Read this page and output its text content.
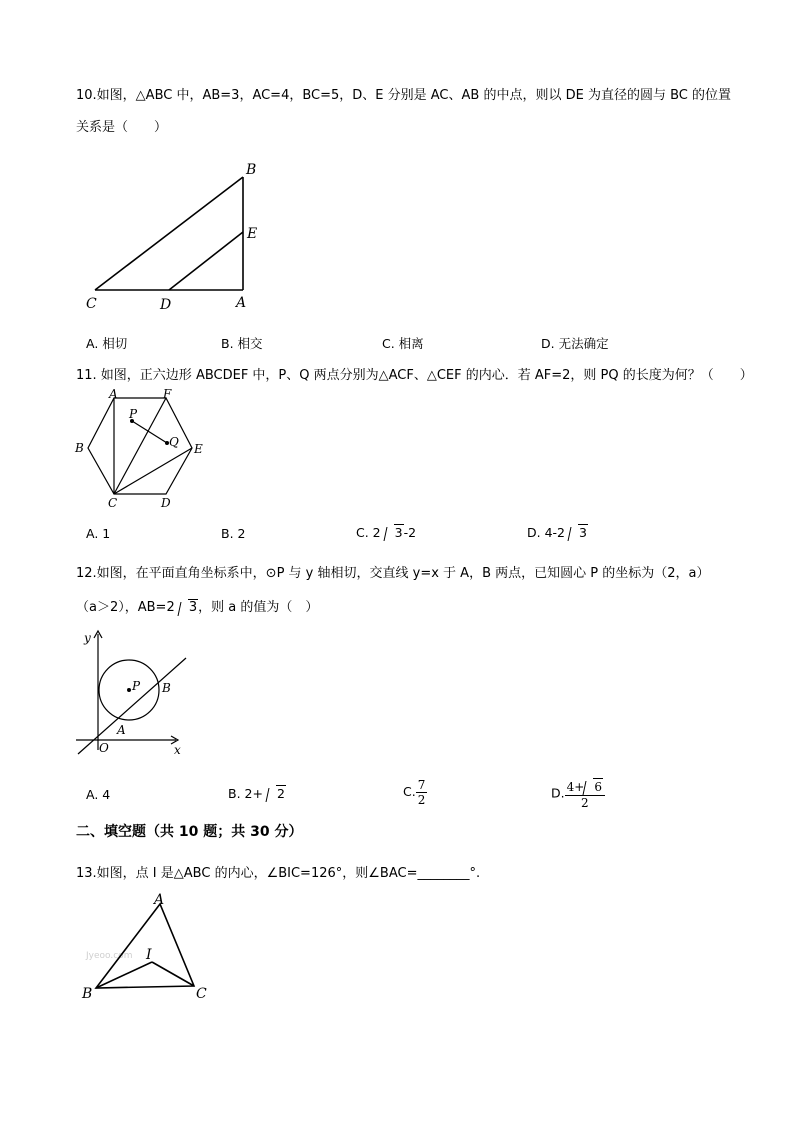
10.如图，△ABC 中，AB=3，AC=4，BC=5，D、E 分别是 AC、AB 的中点，则以 DE 为直径的圆与 BC 的位置
关系是（　　）
B
E
C	D	A
A. 相切	B. 相交	C. 相离	D. 无法确定
11. 如图，正六边形 ABCDEF 中，P、Q 两点分别为△ACF、△CEF 的内心．若 AF=2，则 PQ 的长度为何？（　　）
A	F
P
Q
B	E
C	D
A. 1	B. 2	C. 2 3-2	D. 4-2 3
12.如图，在平面直角坐标系中，⊙P 与 y 轴相切，交直线 y=x 于 A，B 两点，已知圆心 P 的坐标为（2，a）
（a＞2），AB=2 3，则 a 的值为（　）
y
P B
A
O	x
A. 4	B. 2+ 2	C. $\frac{7}{2}$	D. $\frac{4+ 6}{2}$
二、填空题（共 10 题；共 30 分）
13.如图，点 I 是△ABC 的内心，∠BIC=126°，则∠BAC=________°.
Jyeoo.com
A
I
B	C
